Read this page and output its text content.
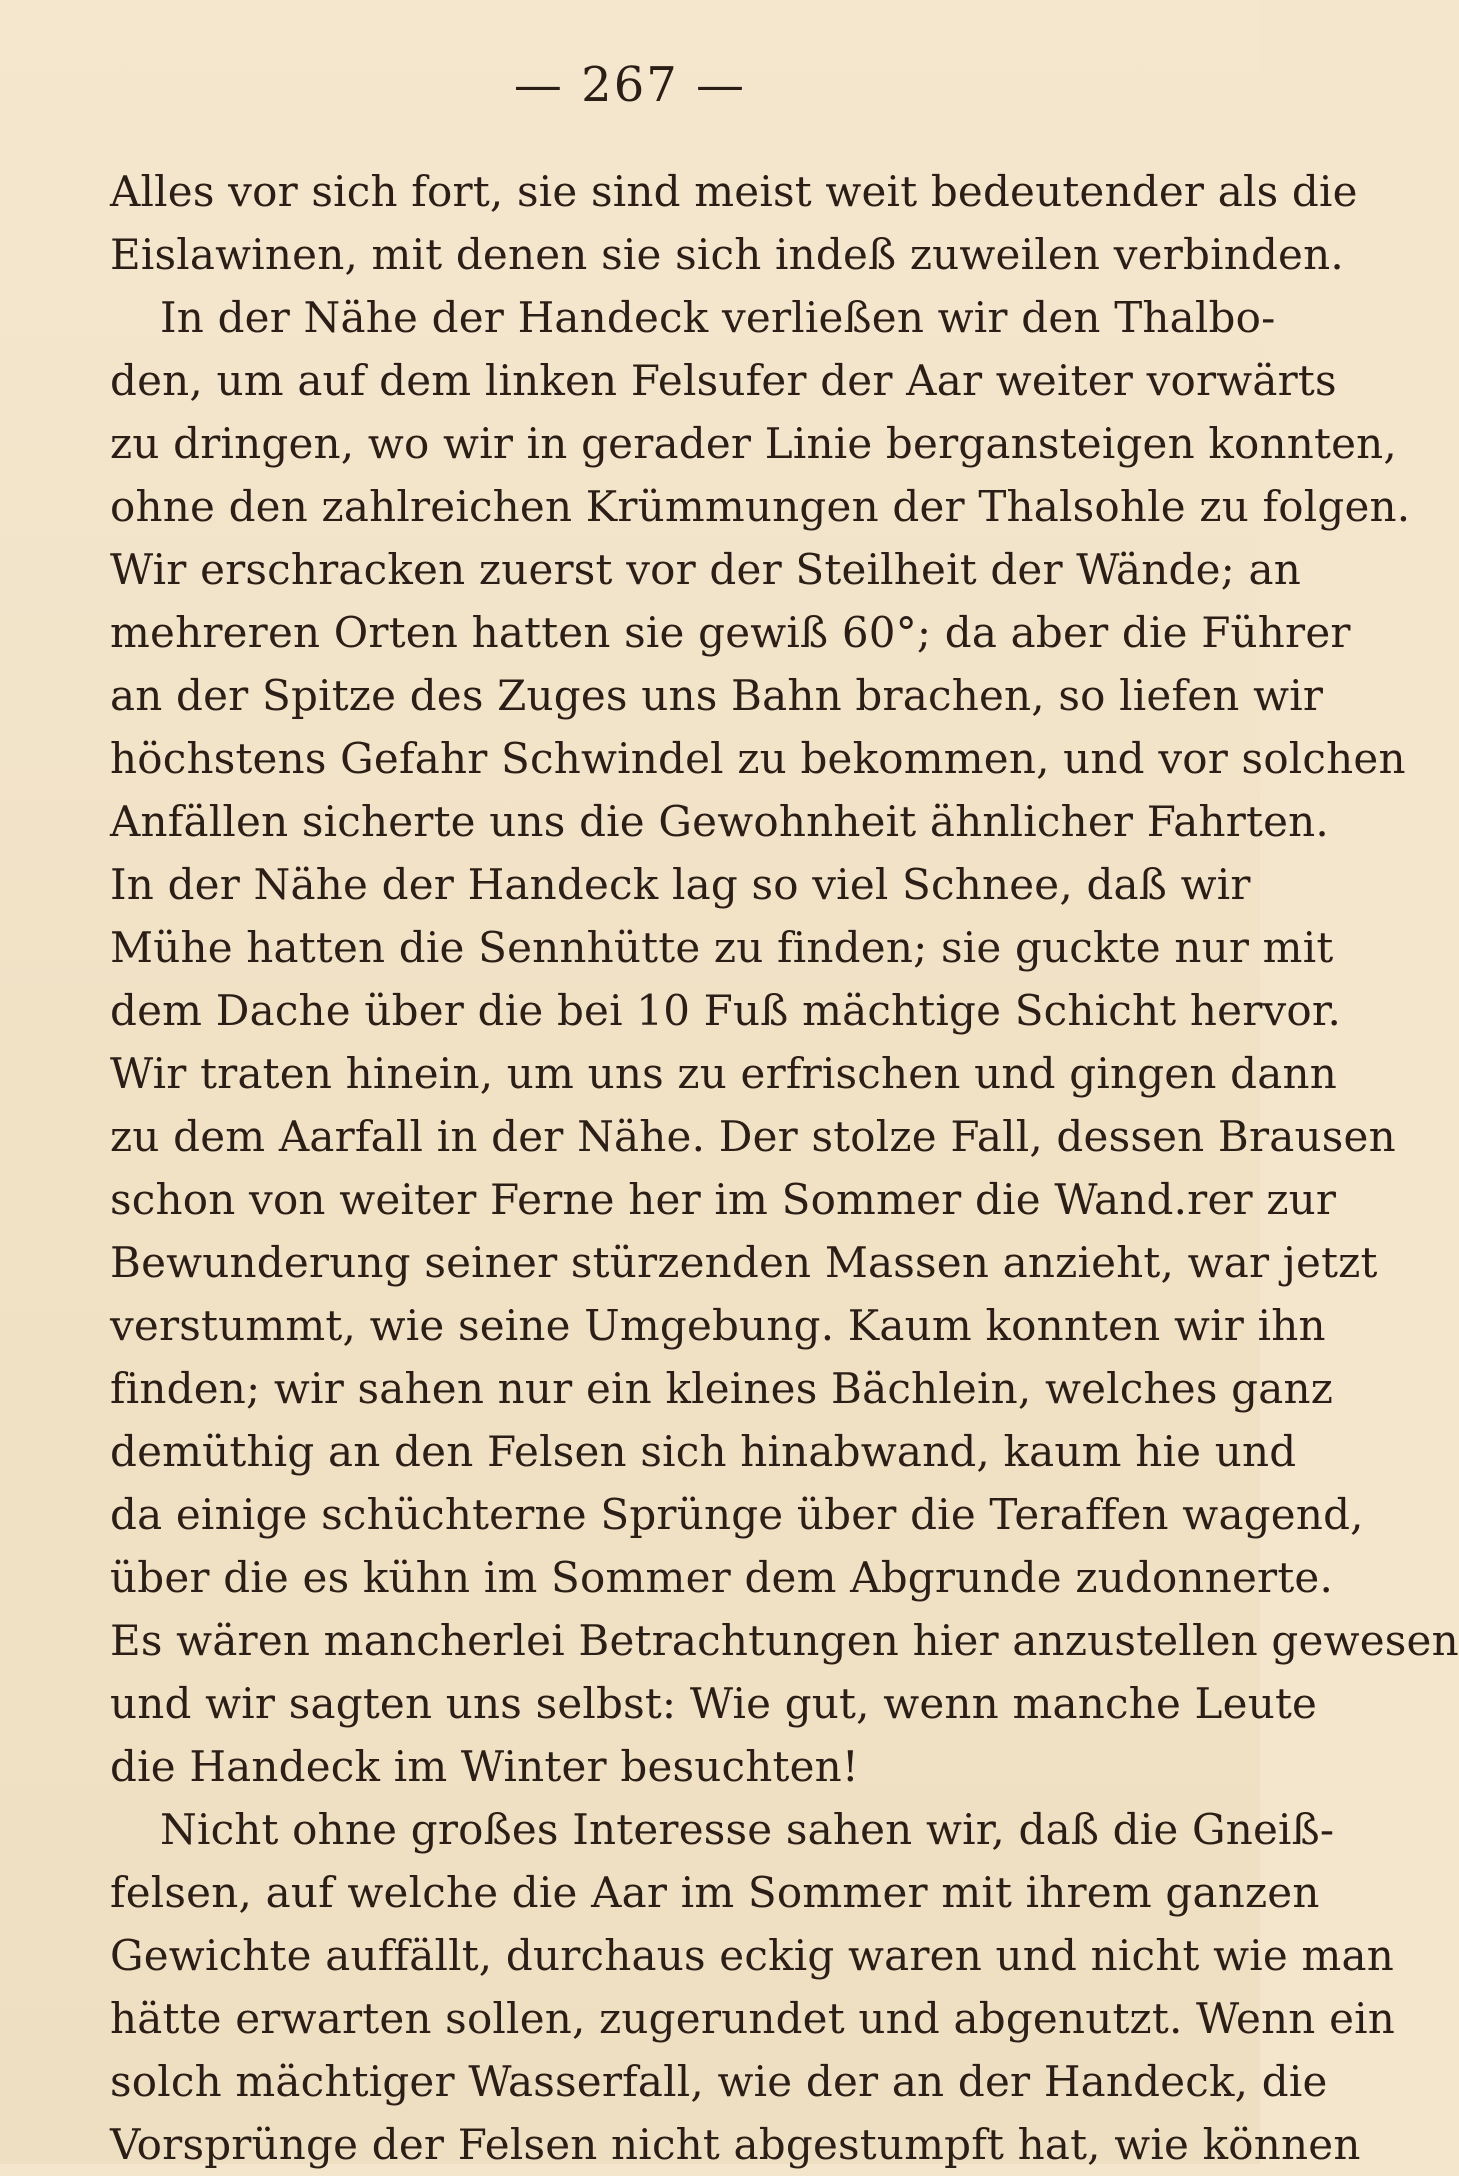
— 267 —
Alles vor sich fort, sie sind meist weit bedeutender als die
Eislawinen, mit denen sie sich indeß zuweilen verbinden.
In der Nähe der Handeck verließen wir den Thalbo-
den, um auf dem linken Felsufer der Aar weiter vorwärts
zu dringen, wo wir in gerader Linie bergansteigen konnten,
ohne den zahlreichen Krümmungen der Thalsohle zu folgen.
Wir erschracken zuerst vor der Steilheit der Wände; an
mehreren Orten hatten sie gewiß 60°; da aber die Führer
an der Spitze des Zuges uns Bahn brachen, so liefen wir
höchstens Gefahr Schwindel zu bekommen, und vor solchen
Anfällen sicherte uns die Gewohnheit ähnlicher Fahrten.
In der Nähe der Handeck lag so viel Schnee, daß wir
Mühe hatten die Sennhütte zu finden; sie guckte nur mit
dem Dache über die bei 10 Fuß mächtige Schicht hervor.
Wir traten hinein, um uns zu erfrischen und gingen dann
zu dem Aarfall in der Nähe. Der stolze Fall, dessen Brausen
schon von weiter Ferne her im Sommer die Wand.rer zur
Bewunderung seiner stürzenden Massen anzieht, war jetzt
verstummt, wie seine Umgebung. Kaum konnten wir ihn
finden; wir sahen nur ein kleines Bächlein, welches ganz
demüthig an den Felsen sich hinabwand, kaum hie und
da einige schüchterne Sprünge über die Teraffen wagend,
über die es kühn im Sommer dem Abgrunde zudonnerte.
Es wären mancherlei Betrachtungen hier anzustellen gewesen
und wir sagten uns selbst: Wie gut, wenn manche Leute
die Handeck im Winter besuchten!
Nicht ohne großes Interesse sahen wir, daß die Gneiß-
felsen, auf welche die Aar im Sommer mit ihrem ganzen
Gewichte auffällt, durchaus eckig waren und nicht wie man
hätte erwarten sollen, zugerundet und abgenutzt. Wenn ein
solch mächtiger Wasserfall, wie der an der Handeck, die
Vorsprünge der Felsen nicht abgestumpft hat, wie können
